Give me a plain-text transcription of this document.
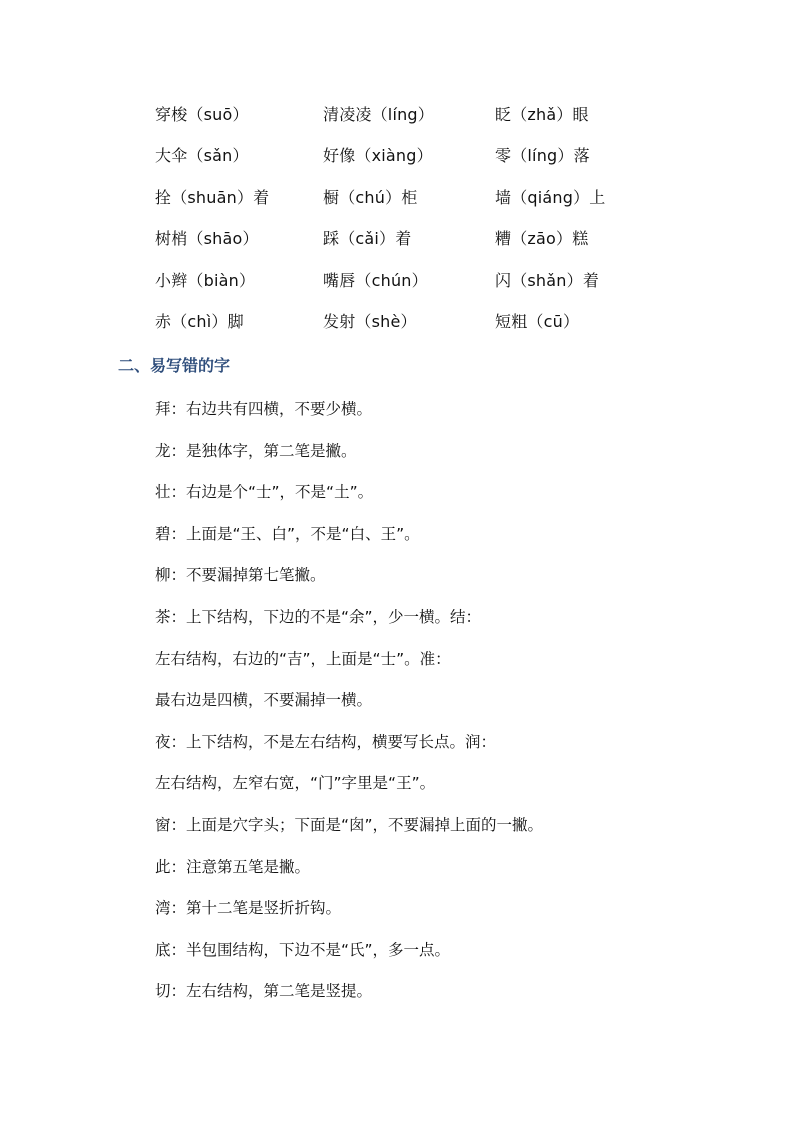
穿梭（suō）	清凌凌（líng）	眨（zhǎ）眼
大伞（sǎn）	好像（xiàng）	零（líng）落
拴（shuān）着	橱（chú）柜	墙（qiáng）上
树梢（shāo）	踩（cǎi）着	糟（zāo）糕
小辫（biàn）	嘴唇（chún）	闪（shǎn）着
赤（chì）脚	发射（shè）	短粗（cū）
二、易写错的字
拜：右边共有四横，不要少横。
龙：是独体字，第二笔是撇。
壮：右边是个“士”，不是“土”。
碧：上面是“王、白”，不是“白、王”。
柳：不要漏掉第七笔撇。
茶：上下结构，下边的不是“余”，少一横。结：
左右结构，右边的“吉”，上面是“士”。准：
最右边是四横，不要漏掉一横。
夜：上下结构，不是左右结构，横要写长点。润：
左右结构，左窄右宽，“门”字里是“王”。
窗：上面是穴字头；下面是“囱”，不要漏掉上面的一撇。
此：注意第五笔是撇。
湾：第十二笔是竖折折钩。
底：半包围结构，下边不是“氏”，多一点。
切：左右结构，第二笔是竖提。
